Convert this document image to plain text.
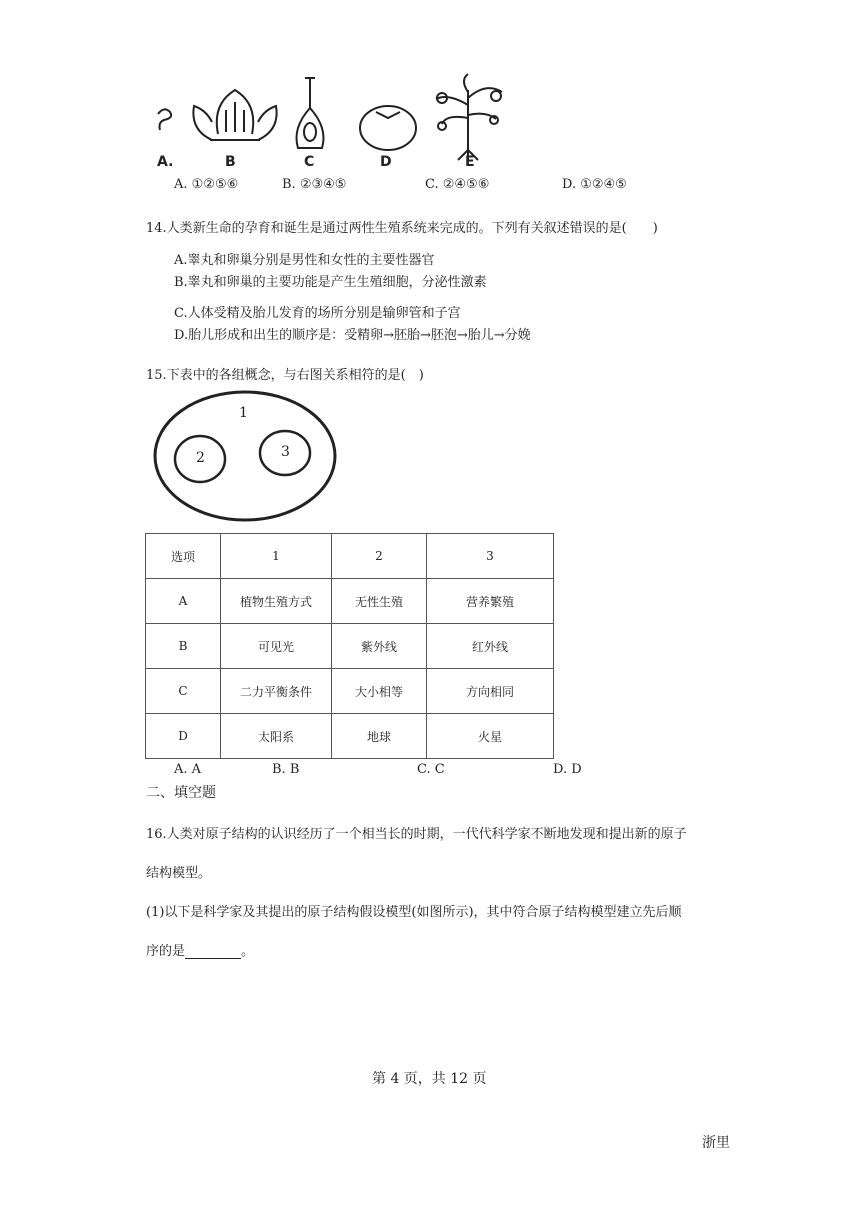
A.	B	C	D	E
A. ①②⑤⑥	B. ②③④⑤	C. ②④⑤⑥	D. ①②④⑤
14.人类新生命的孕育和诞生是通过两性生殖系统来完成的。下列有关叙述错误的是(　　)
A.睾丸和卵巢分别是男性和女性的主要性器官
B.睾丸和卵巢的主要功能是产生生殖细胞，分泌性激素
C.人体受精及胎儿发育的场所分别是输卵管和子宫
D.胎儿形成和出生的顺序是：受精卵→胚胎→胚泡→胎儿→分娩
15.下表中的各组概念，与右图关系相符的是(　)
1
2	3
选项	1	2	3
A	植物生殖方式	无性生殖	营养繁殖
B	可见光	紫外线	红外线
C	二力平衡条件	大小相等	方向相同
D	太阳系	地球	火星
A. A	B. B	C. C	D. D
二、填空题
16.人类对原子结构的认识经历了一个相当长的时期，一代代科学家不断地发现和提出新的原子
结构模型。
(1)以下是科学家及其提出的原子结构假设模型(如图所示)，其中符合原子结构模型建立先后顺
序的是	。
第 4 页，共 12 页
浙里
